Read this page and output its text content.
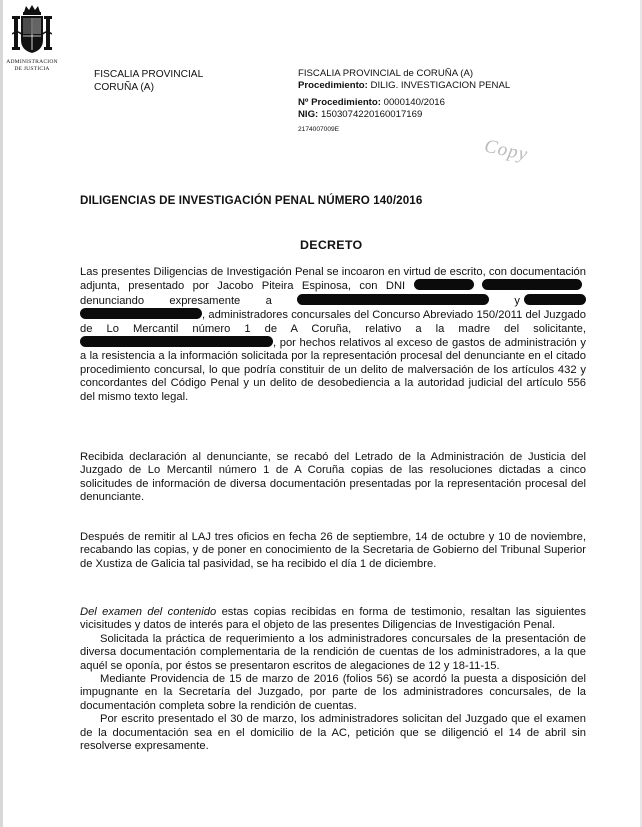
ADMINISTRACION
DE JUSTICIA
FISCALIA PROVINCIAL
CORUÑA (A)
FISCALIA PROVINCIAL de CORUÑA (A)
Procedimiento: DILIG. INVESTIGACION PENAL
Nº Procedimiento: 0000140/2016
NIG: 15030742201600171​69
2174007009E
Copy
DILIGENCIAS DE INVESTIGACIÓN PENAL NÚMERO 140/2016
DECRETO

Las presentes Diligencias de Investigación Penal se incoaron en virtud de escrito, con documentación adjunta, presentado por Jacobo Piteira Espinosa, con DNI   denunciando expresamente a	y , administradores concursales del Concurso Abreviado 150/2011 del Juzgado de Lo Mercantil número 1 de A Coruña, relativo a la madre del solicitante, , por hechos relativos al exceso de gastos de administración y a la resistencia a la información solicitada por la representación procesal del denunciante en el citado procedimiento concursal, lo que podría constituir de un delito de malversación de los artículos 432 y concordantes del Código Penal y un delito de desobediencia a la autoridad judicial del artículo 556 del mismo texto legal.

Recibida declaración al denunciante, se recabó del Letrado de la Administración de Justicia del Juzgado de Lo Mercantil número 1 de A Coruña copias de las resoluciones dictadas a cinco solicitudes de información de diversa documentación presentadas por la representación procesal del denunciante.

Después de remitir al LAJ tres oficios en fecha 26 de septiembre, 14 de octubre y 10 de noviembre, recabando las copias, y de poner en conocimiento de la Secretaria de Gobierno del Tribunal Superior de Xustiza de Galicia tal pasividad, se ha recibido el día 1 de diciembre.

Del examen del contenido estas copias recibidas en forma de testimonio, resaltan las siguientes vicisitudes y datos de interés para el objeto de las presentes Diligencias de Investigación Penal.

Solicitada la práctica de requerimiento a los administradores concursales de la presentación de diversa documentación complementaria de la rendición de cuentas de los administradores, a la que aquél se oponía, por éstos se presentaron escritos de alegaciones de 12 y 18-11-15.

Mediante Providencia de 15 de marzo de 2016 (folios 56) se acordó la puesta a disposición del impugnante en la Secretaría del Juzgado, por parte de los administradores concursales, de la documentación completa sobre la rendición de cuentas.

Por escrito presentado el 30 de marzo, los administradores solicitan del Juzgado que el examen de la documentación sea en el domicilio de la AC, petición que se diligenció el 14 de abril sin resolverse expresamente.
